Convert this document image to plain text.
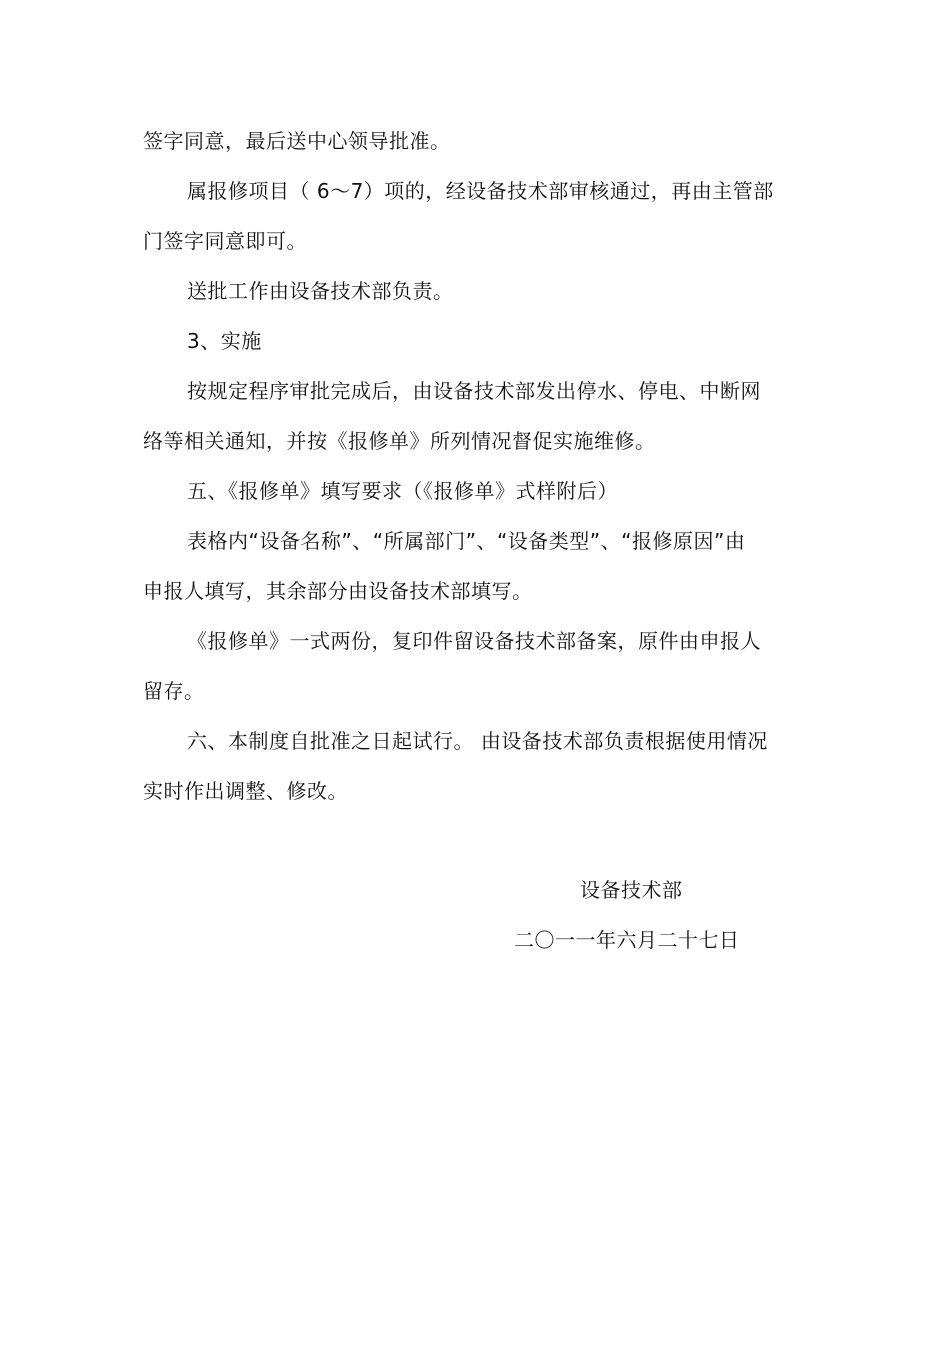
签字同意，最后送中心领导批准。
属报修项目（ 6～7）项的，经设备技术部审核通过，再由主管部
门签字同意即可。
送批工作由设备技术部负责。
3、实施
按规定程序审批完成后，由设备技术部发出停水、停电、中断网
络等相关通知，并按《报修单》所列情况督促实施维修。
五、《报修单》填写要求（《报修单》式样附后）
表格内“设备名称”、“所属部门”、“设备类型”、“报修原因”由
申报人填写，其余部分由设备技术部填写。
《报修单》一式两份，复印件留设备技术部备案，原件由申报人
留存。
六、本制度自批准之日起试行。 由设备技术部负责根据使用情况
实时作出调整、修改。
设备技术部
二〇一一年六月二十七日
